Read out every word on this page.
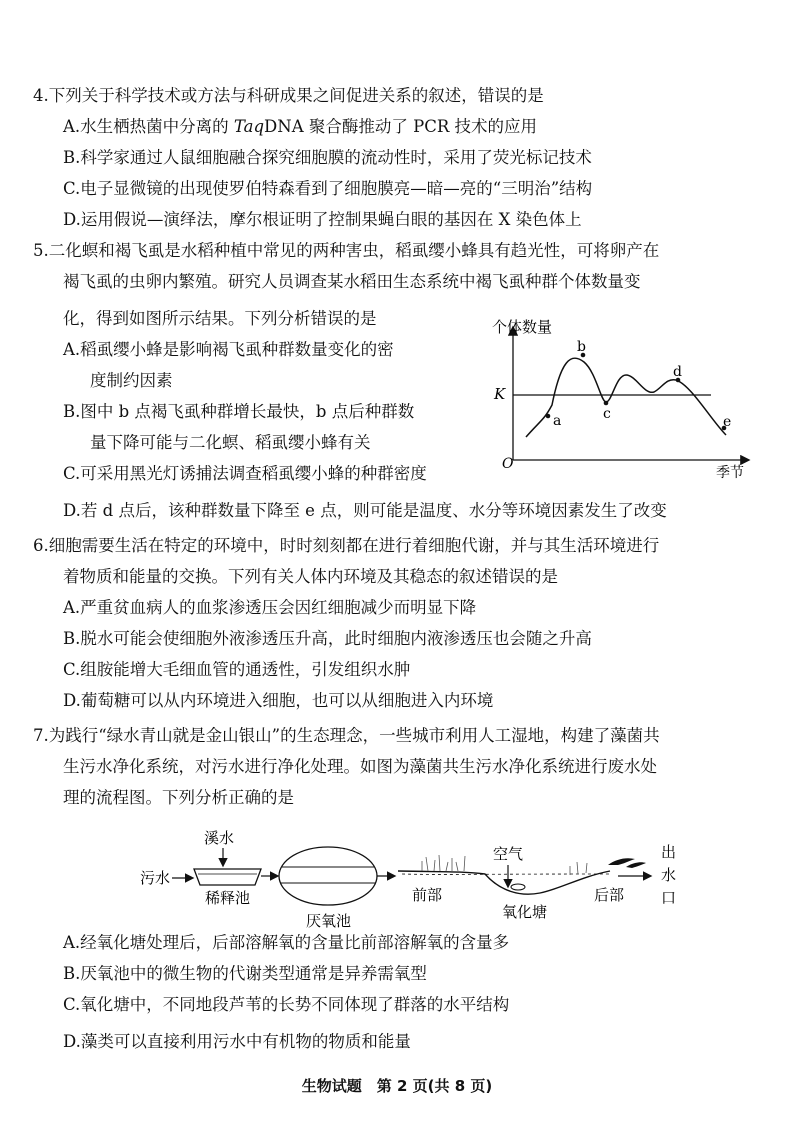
4.下列关于科学技术或方法与科研成果之间促进关系的叙述，错误的是
A.水生栖热菌中分离的 TaqDNA 聚合酶推动了 PCR 技术的应用
B.科学家通过人鼠细胞融合探究细胞膜的流动性时，采用了荧光标记技术
C.电子显微镜的出现使罗伯特森看到了细胞膜亮—暗—亮的“三明治”结构
D.运用假说—演绎法，摩尔根证明了控制果蝇白眼的基因在 X 染色体上
5.二化螟和褐飞虱是水稻种植中常见的两种害虫，稻虱缨小蜂具有趋光性，可将卵产在
褐飞虱的虫卵内繁殖。研究人员调查某水稻田生态系统中褐飞虱种群个体数量变
化，得到如图所示结果。下列分析错误的是
A.稻虱缨小蜂是影响褐飞虱种群数量变化的密
度制约因素
B.图中 b 点褐飞虱种群增长最快，b 点后种群数
量下降可能与二化螟、稻虱缨小蜂有关
C.可采用黑光灯诱捕法调查稻虱缨小蜂的种群密度
D.若 d 点后，该种群数量下降至 e 点，则可能是温度、水分等环境因素发生了改变
个体数量
季节
K
O
a
b
c
d
e
6.细胞需要生活在特定的环境中，时时刻刻都在进行着细胞代谢，并与其生活环境进行
着物质和能量的交换。下列有关人体内环境及其稳态的叙述错误的是
A.严重贫血病人的血浆渗透压会因红细胞减少而明显下降
B.脱水可能会使细胞外液渗透压升高，此时细胞内液渗透压也会随之升高
C.组胺能增大毛细血管的通透性，引发组织水肿
D.葡萄糖可以从内环境进入细胞，也可以从细胞进入内环境
7.为践行“绿水青山就是金山银山”的生态理念，一些城市利用人工湿地，构建了藻菌共
生污水净化系统，对污水进行净化处理。如图为藻菌共生污水净化系统进行废水处
理的流程图。下列分析正确的是
污水
溪水
稀释池
厌氧池
空气
前部	后部
氧化塘
出
水
口
A.经氧化塘处理后，后部溶解氧的含量比前部溶解氧的含量多
B.厌氧池中的微生物的代谢类型通常是异养需氧型
C.氧化塘中，不同地段芦苇的长势不同体现了群落的水平结构
D.藻类可以直接利用污水中有机物的物质和能量
生物试题　第 2 页(共 8 页)
